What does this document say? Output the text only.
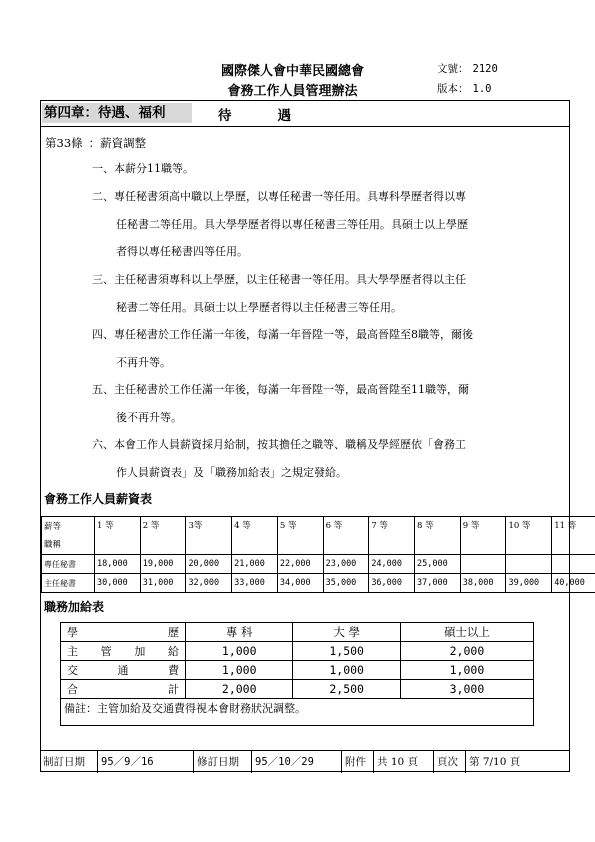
國際傑人會中華民國總會
會務工作人員管理辦法
文號： 2120
版本： 1.0
第四章：待遇、福利	待遇
第33條 ：薪資調整
一、本薪分11職等。
二、專任秘書須高中職以上學歷，以專任秘書一等任用。具專科學歷者得以專
任秘書二等任用。具大學學歷者得以專任秘書三等任用。具碩士以上學歷
者得以專任秘書四等任用。
三、主任秘書須專科以上學歷，以主任秘書一等任用。具大學學歷者得以主任
秘書二等任用。具碩士以上學歷者得以主任秘書三等任用。
四、專任秘書於工作任滿一年後，每滿一年晉陞一等，最高晉陞至8職等，爾後
不再升等。
五、主任秘書於工作任滿一年後，每滿一年晉陞一等，最高晉陞至11職等，爾
後不再升等。
六、本會工作人員薪資採月給制，按其擔任之職等、職稱及學經歷依「會務工
作人員薪資表」及「職務加給表」之規定發給。
會務工作人員薪資表
薪等
職稱	1 等	2 等	3等	4 等	5 等	6 等	7 等	8 等	9 等	10 等	11 等
專任秘書	18,000	19,000	20,000	21,000	22,000	23,000	24,000	25,000			
主任秘書	30,000	31,000	32,000	33,000	34,000	35,000	36,000	37,000	38,000	39,000	40,000
職務加給表
學歷	專 科	大 學	碩士以上
主管加給	1,000	1,500	2,000
交通費	1,000	1,000	1,000
合計	2,000	2,500	3,000
備註：主管加給及交通費得視本會財務狀況調整。
制訂日期	95／9／16	修訂日期	95／10／29	附件	共 10 頁	頁次	第 7/10 頁
